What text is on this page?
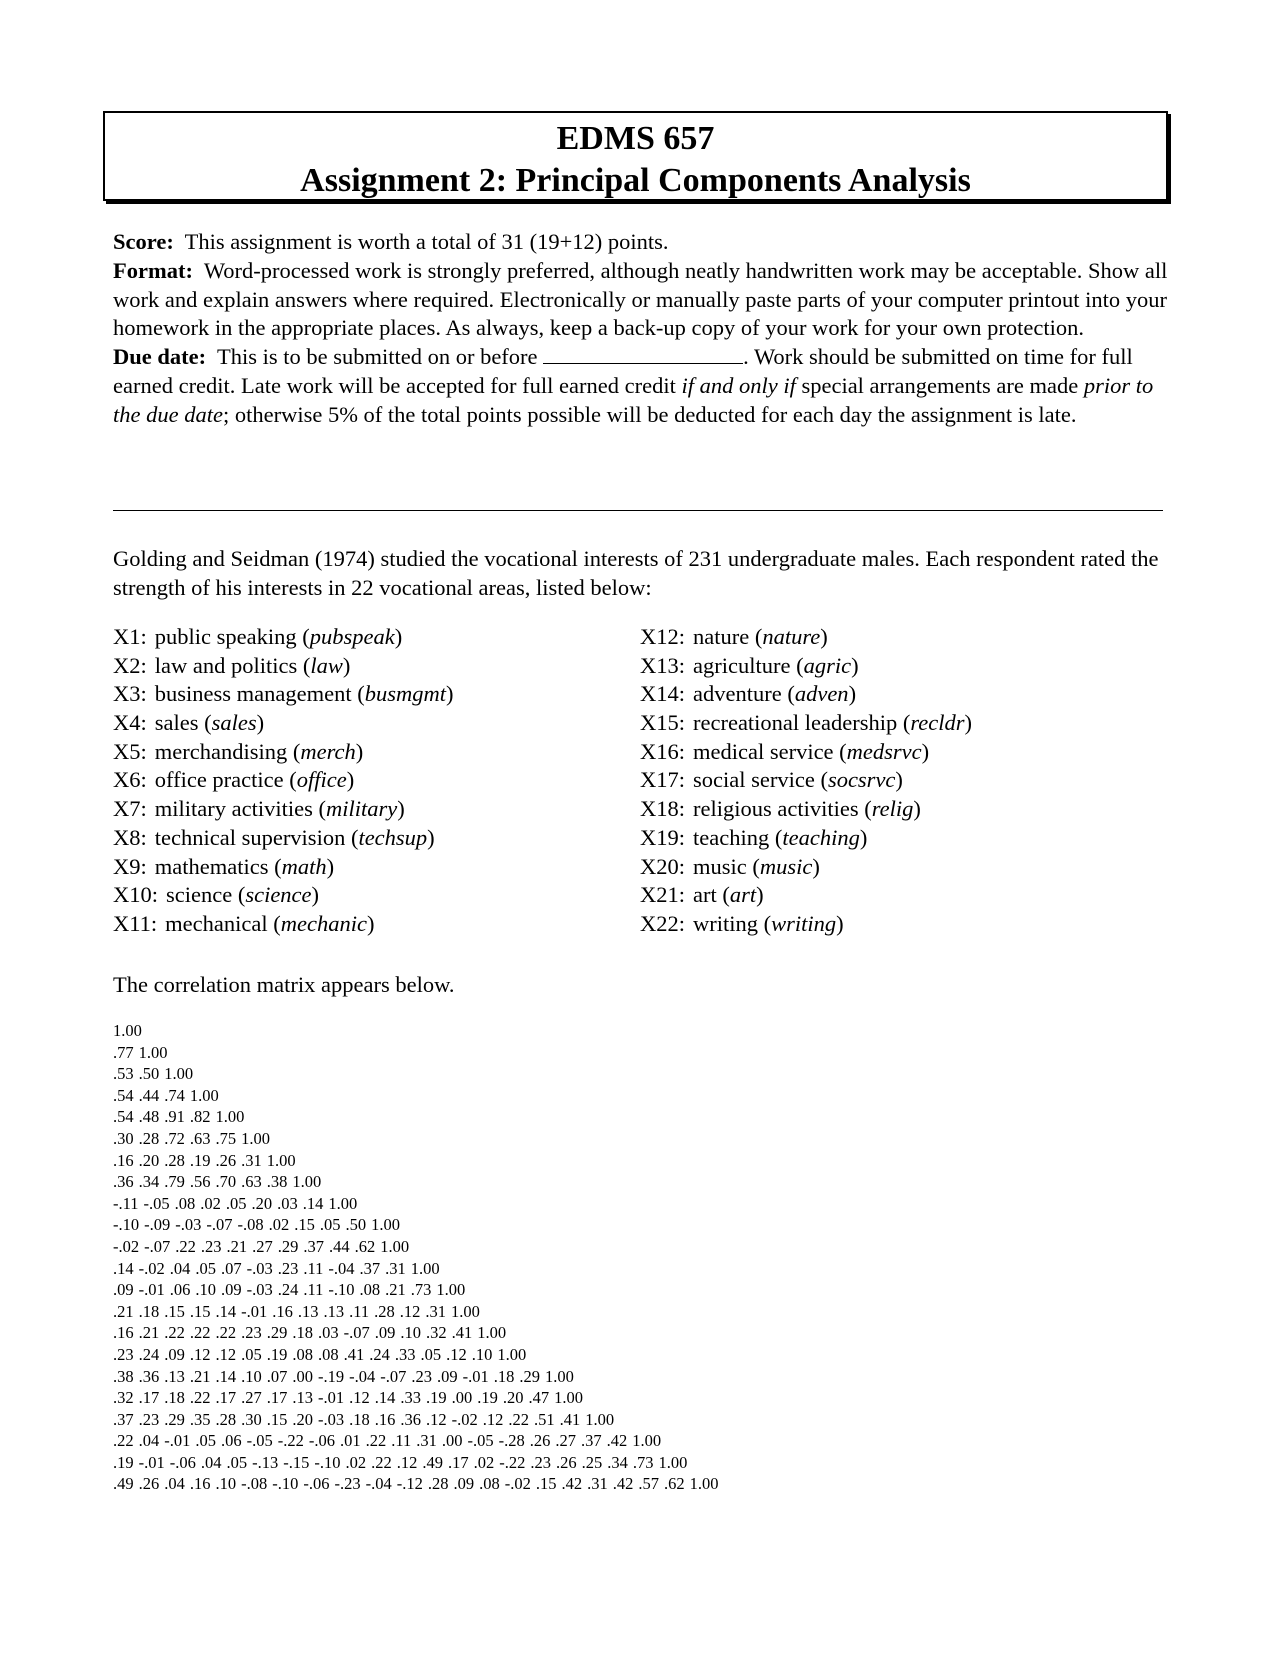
EDMS 657
Assignment 2: Principal Components Analysis

Score: This assignment is worth a total of 31 (19+12) points.

Format: Word-processed work is strongly preferred, although neatly handwritten work may be acceptable. Show all work and explain answers where required. Electronically or manually paste parts of your computer printout into your homework in the appropriate places. As always, keep a back-up copy of your work for your own protection.

Due date: This is to be submitted on or before	. Work should be submitted on time for full earned credit. Late work will be accepted for full earned credit if and only if special arrangements are made prior to the due date; otherwise 5% of the total points possible will be deducted for each day the assignment is late.

Golding and Seidman (1974) studied the vocational interests of 231 undergraduate males. Each respondent rated the strength of his interests in 22 vocational areas, listed below:

X1: public speaking (pubspeak)
X2: law and politics (law)
X3: business management (busmgmt)
X4: sales (sales)
X5: merchandising (merch)
X6: office practice (office)
X7: military activities (military)
X8: technical supervision (techsup)
X9: mathematics (math)
X10: science (science)
X11: mechanical (mechanic)
X12: nature (nature)
X13: agriculture (agric)
X14: adventure (adven)
X15: recreational leadership (recldr)
X16: medical service (medsrvc)
X17: social service (socsrvc)
X18: religious activities (relig)
X19: teaching (teaching)
X20: music (music)
X21: art (art)
X22: writing (writing)

The correlation matrix appears below.

1.00
.77 1.00
.53 .50 1.00
.54 .44 .74 1.00
.54 .48 .91 .82 1.00
.30 .28 .72 .63 .75 1.00
.16 .20 .28 .19 .26 .31 1.00
.36 .34 .79 .56 .70 .63 .38 1.00
-.11 -.05 .08 .02 .05 .20 .03 .14 1.00
-.10 -.09 -.03 -.07 -.08 .02 .15 .05 .50 1.00
-.02 -.07 .22 .23 .21 .27 .29 .37 .44 .62 1.00
.14 -.02 .04 .05 .07 -.03 .23 .11 -.04 .37 .31 1.00
.09 -.01 .06 .10 .09 -.03 .24 .11 -.10 .08 .21 .73 1.00
.21 .18 .15 .15 .14 -.01 .16 .13 .13 .11 .28 .12 .31 1.00
.16 .21 .22 .22 .22 .23 .29 .18 .03 -.07 .09 .10 .32 .41 1.00
.23 .24 .09 .12 .12 .05 .19 .08 .08 .41 .24 .33 .05 .12 .10 1.00
.38 .36 .13 .21 .14 .10 .07 .00 -.19 -.04 -.07 .23 .09 -.01 .18 .29 1.00
.32 .17 .18 .22 .17 .27 .17 .13 -.01 .12 .14 .33 .19 .00 .19 .20 .47 1.00
.37 .23 .29 .35 .28 .30 .15 .20 -.03 .18 .16 .36 .12 -.02 .12 .22 .51 .41 1.00
.22 .04 -.01 .05 .06 -.05 -.22 -.06 .01 .22 .11 .31 .00 -.05 -.28 .26 .27 .37 .42 1.00
.19 -.01 -.06 .04 .05 -.13 -.15 -.10 .02 .22 .12 .49 .17 .02 -.22 .23 .26 .25 .34 .73 1.00
.49 .26 .04 .16 .10 -.08 -.10 -.06 -.23 -.04 -.12 .28 .09 .08 -.02 .15 .42 .31 .42 .57 .62 1.00
